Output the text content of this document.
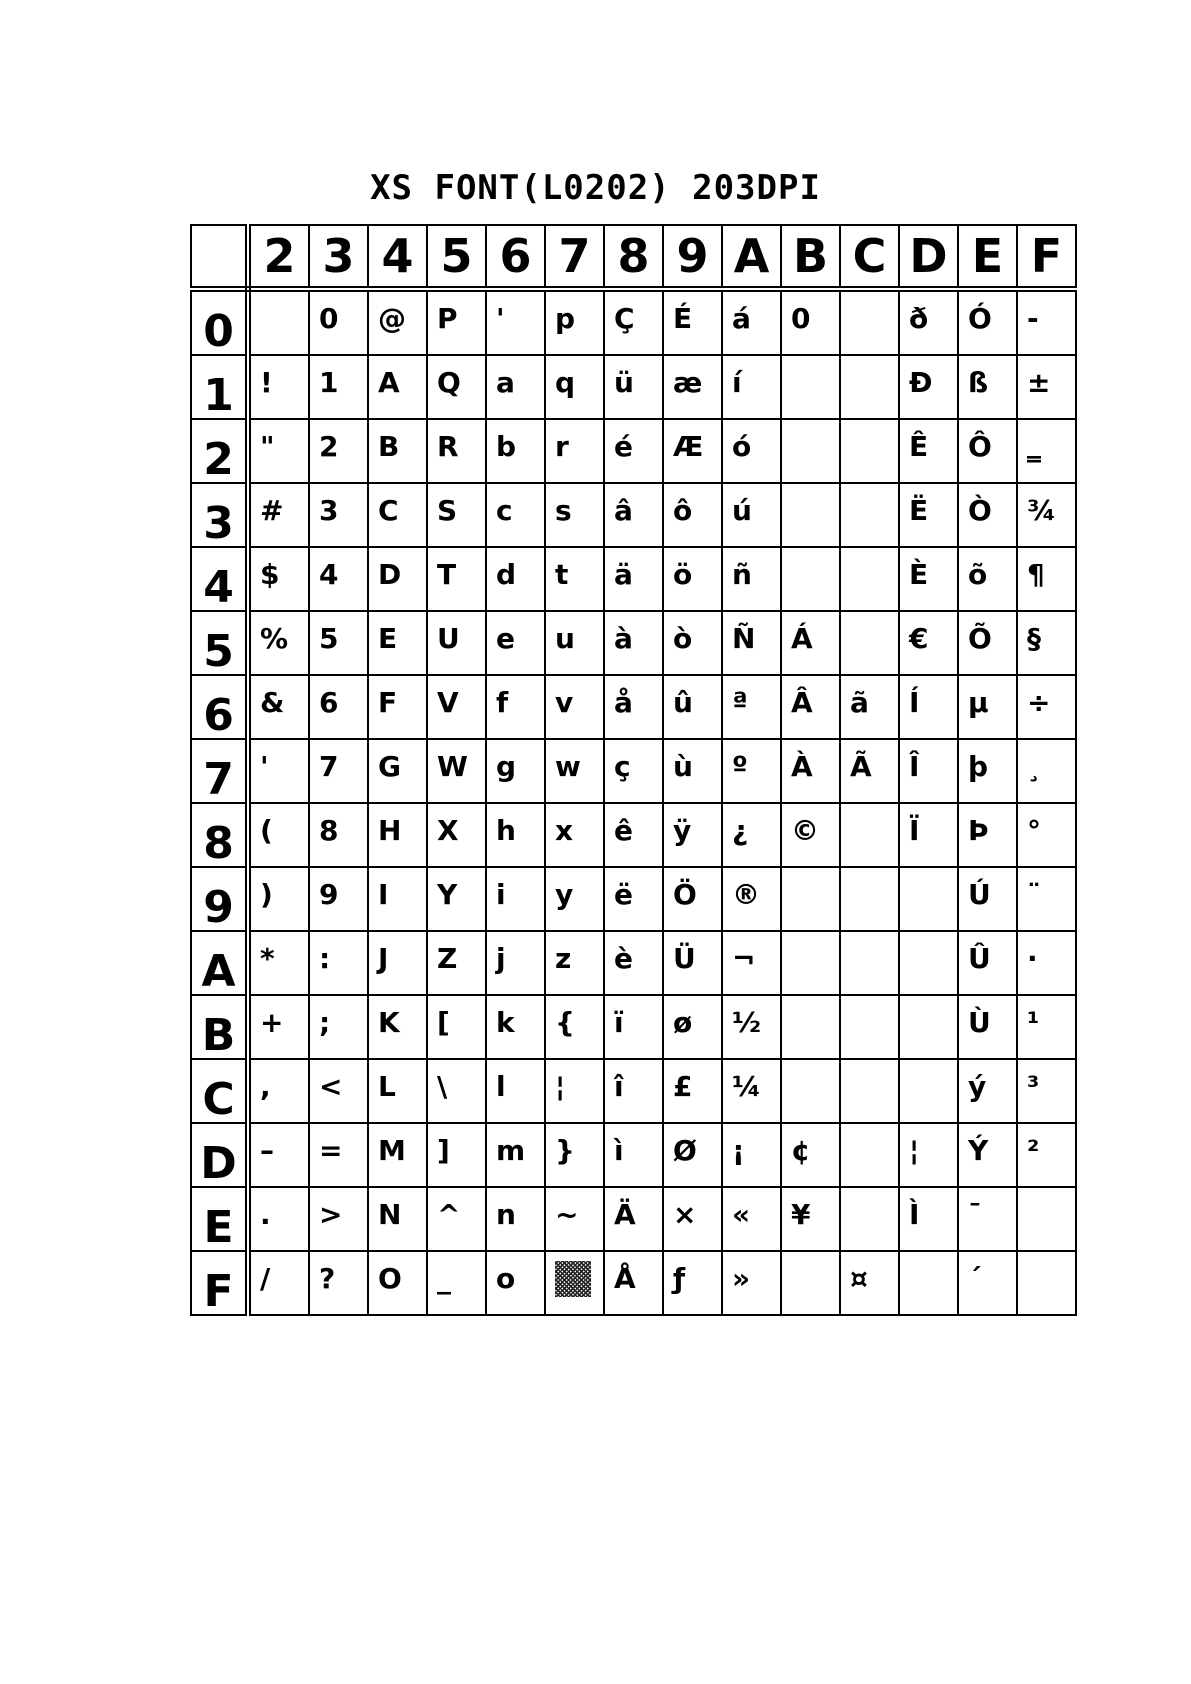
XS FONT(L0202) 203DPI
	2	3	4	5	6	7	8	9	A	B	C	D	E	F
0		0	@	P	'	p	Ç	É	á	0		ð	Ó	-

1	!	1	A	Q	a	q	ü	æ	í			Đ	ß	±

2	"	2	B	R	b	r	é	Æ	ó			Ê	Ô	‗

3	#	3	C	S	c	s	â	ô	ú			Ë	Ò	¾

4	$	4	D	T	d	t	ä	ö	ñ			È	õ	¶

5	%	5	E	U	e	u	à	ò	Ñ	Á		€	Õ	§

6	&	6	F	V	f	v	å	û	ª	Â	ã	Í	µ	÷

7	'	7	G	W	g	w	ç	ù	º	À	Ã	Î	þ	¸

8	(	8	H	X	h	x	ê	ÿ	¿	©		Ï	Þ	°

9	)	9	I	Y	i	y	ë	Ö	®				Ú	¨

A	*	:	J	Z	j	z	è	Ü	¬				Û	·

B	+	;	K	[	k	{	ï	ø	½				Ù	¹

C	,	<	L	\	l	¦	î	£	¼				ý	³

D	–	=	M	]	m	}	ì	Ø	¡	¢		¦	Ý	²

E	.	>	N	^	n	~	Ä	×	«	¥		Ì	¯	

F	/	?	O	_	o		Å	ƒ	»		¤		´	
